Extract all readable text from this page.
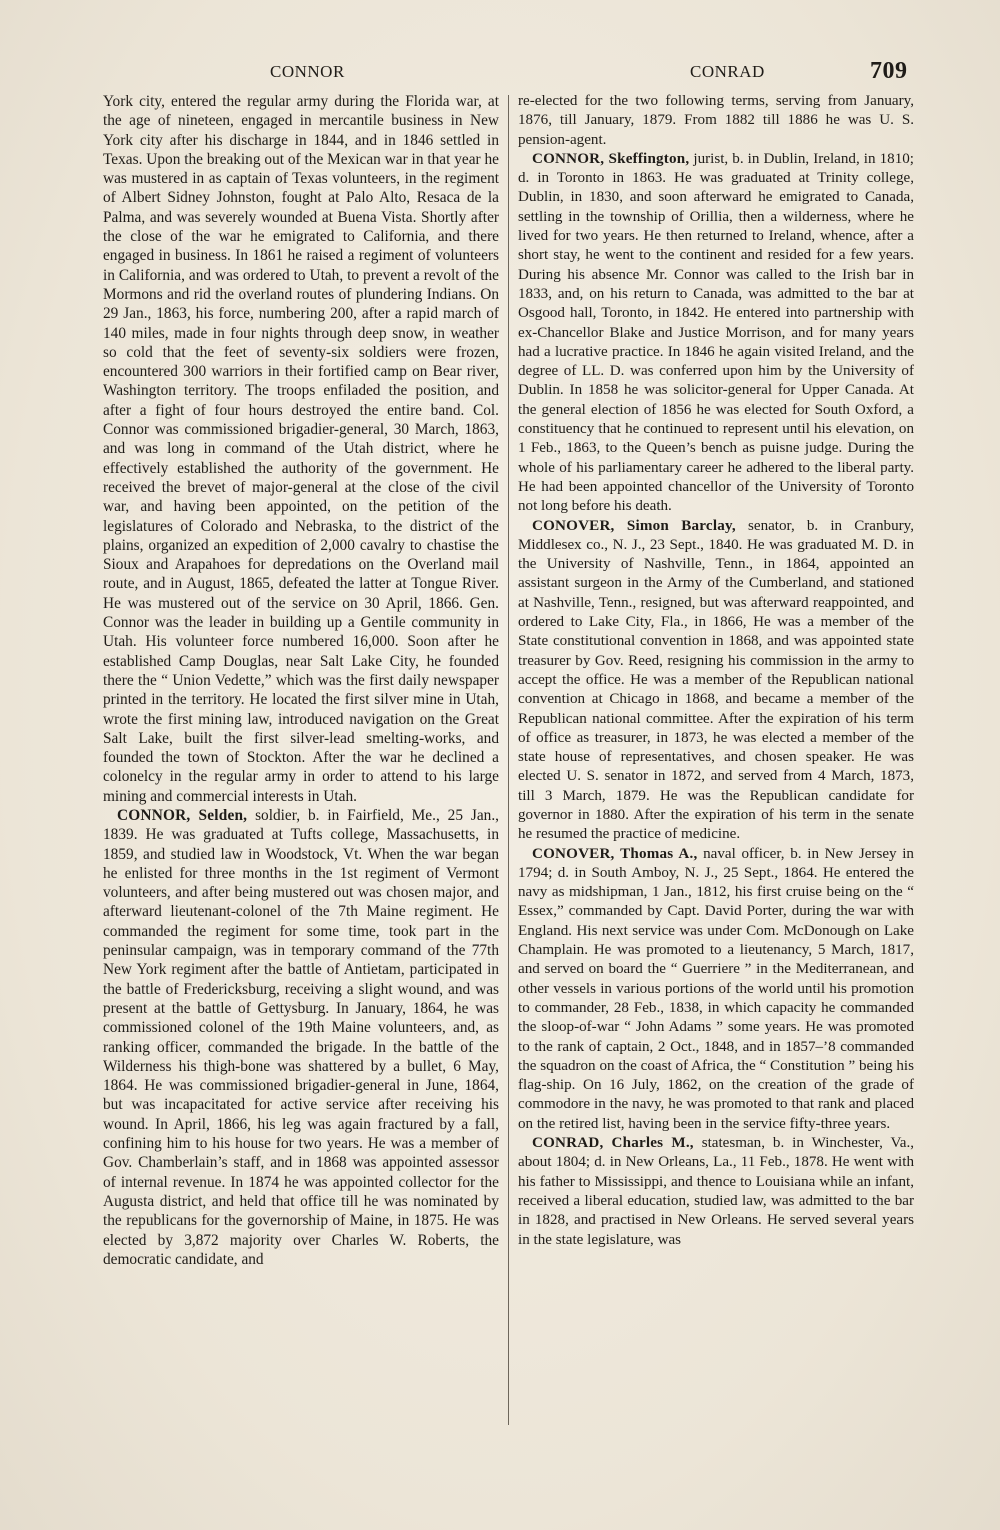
CONNOR	CONRAD	709

York city, entered the regular army during the Florida war, at the age of nineteen, engaged in mercantile business in New York city after his discharge in 1844, and in 1846 settled in Texas. Upon the breaking out of the Mexican war in that year he was mustered in as captain of Texas volunteers, in the regiment of Albert Sidney Johnston, fought at Palo Alto, Resaca de la Palma, and was severely wounded at Buena Vista. Shortly after the close of the war he emigrated to California, and there engaged in business. In 1861 he raised a regiment of volunteers in California, and was ordered to Utah, to prevent a revolt of the Mormons and rid the overland routes of plundering Indians. On 29 Jan., 1863, his force, numbering 200, after a rapid march of 140 miles, made in four nights through deep snow, in weather so cold that the feet of seventy-six soldiers were frozen, encountered 300 warriors in their fortified camp on Bear river, Washington territory. The troops enfiladed the position, and after a fight of four hours destroyed the entire band. Col. Connor was commissioned brigadier-general, 30 March, 1863, and was long in command of the Utah district, where he effectively established the authority of the government. He received the brevet of major-general at the close of the civil war, and having been appointed, on the petition of the legislatures of Colorado and Nebraska, to the district of the plains, organized an expedition of 2,000 cavalry to chastise the Sioux and Arapahoes for depredations on the Overland mail route, and in August, 1865, defeated the latter at Tongue River. He was mustered out of the service on 30 April, 1866. Gen. Connor was the leader in building up a Gentile community in Utah. His volunteer force numbered 16,000. Soon after he established Camp Douglas, near Salt Lake City, he founded there the “ Union Vedette,” which was the first daily newspaper printed in the territory. He located the first silver mine in Utah, wrote the first mining law, introduced navigation on the Great Salt Lake, built the first silver-lead smelting-works, and founded the town of Stockton. After the war he declined a colonelcy in the regular army in order to attend to his large mining and commercial interests in Utah.

CONNOR, Selden, soldier, b. in Fairfield, Me., 25 Jan., 1839. He was graduated at Tufts college, Massachusetts, in 1859, and studied law in Woodstock, Vt. When the war began he enlisted for three months in the 1st regiment of Vermont volunteers, and after being mustered out was chosen major, and afterward lieutenant-colonel of the 7th Maine regiment. He commanded the regiment for some time, took part in the peninsular campaign, was in temporary command of the 77th New York regiment after the battle of Antietam, participated in the battle of Fredericksburg, receiving a slight wound, and was present at the battle of Gettysburg. In January, 1864, he was commissioned colonel of the 19th Maine volunteers, and, as ranking officer, commanded the brigade. In the battle of the Wilderness his thigh-bone was shattered by a bullet, 6 May, 1864. He was commissioned brigadier-general in June, 1864, but was incapacitated for active service after receiving his wound. In April, 1866, his leg was again fractured by a fall, confining him to his house for two years. He was a member of Gov. Chamberlain’s staff, and in 1868 was appointed assessor of internal revenue. In 1874 he was appointed collector for the Augusta district, and held that office till he was nominated by the republicans for the governorship of Maine, in 1875. He was elected by 3,872 majority over Charles W. Roberts, the democratic candidate, and

re-elected for the two following terms, serving from January, 1876, till January, 1879. From 1882 till 1886 he was U. S. pension-agent.

CONNOR, Skeffington, jurist, b. in Dublin, Ireland, in 1810; d. in Toronto in 1863. He was graduated at Trinity college, Dublin, in 1830, and soon afterward he emigrated to Canada, settling in the township of Orillia, then a wilderness, where he lived for two years. He then returned to Ireland, whence, after a short stay, he went to the continent and resided for a few years. During his absence Mr. Connor was called to the Irish bar in 1833, and, on his return to Canada, was admitted to the bar at Osgood hall, Toronto, in 1842. He entered into partnership with ex-Chancellor Blake and Justice Morrison, and for many years had a lucrative practice. In 1846 he again visited Ireland, and the degree of LL. D. was conferred upon him by the University of Dublin. In 1858 he was solicitor-general for Upper Canada. At the general election of 1856 he was elected for South Oxford, a constituency that he continued to represent until his elevation, on 1 Feb., 1863, to the Queen’s bench as puisne judge. During the whole of his parliamentary career he adhered to the liberal party. He had been appointed chancellor of the University of Toronto not long before his death.

CONOVER, Simon Barclay, senator, b. in Cranbury, Middlesex co., N. J., 23 Sept., 1840. He was graduated M. D. in the University of Nashville, Tenn., in 1864, appointed an assistant surgeon in the Army of the Cumberland, and stationed at Nashville, Tenn., resigned, but was afterward reappointed, and ordered to Lake City, Fla., in 1866, He was a member of the State constitutional convention in 1868, and was appointed state treasurer by Gov. Reed, resigning his commission in the army to accept the office. He was a member of the Republican national convention at Chicago in 1868, and became a member of the Republican national committee. After the expiration of his term of office as treasurer, in 1873, he was elected a member of the state house of representatives, and chosen speaker. He was elected U. S. senator in 1872, and served from 4 March, 1873, till 3 March, 1879. He was the Republican candidate for governor in 1880. After the expiration of his term in the senate he resumed the practice of medicine.

CONOVER, Thomas A., naval officer, b. in New Jersey in 1794; d. in South Amboy, N. J., 25 Sept., 1864. He entered the navy as midshipman, 1 Jan., 1812, his first cruise being on the “ Essex,” commanded by Capt. David Porter, during the war with England. His next service was under Com. McDonough on Lake Champlain. He was promoted to a lieutenancy, 5 March, 1817, and served on board the “ Guerriere ” in the Mediterranean, and other vessels in various portions of the world until his promotion to commander, 28 Feb., 1838, in which capacity he commanded the sloop-of-war “ John Adams ” some years. He was promoted to the rank of captain, 2 Oct., 1848, and in 1857–’8 commanded the squadron on the coast of Africa, the “ Constitution ” being his flag-ship. On 16 July, 1862, on the creation of the grade of commodore in the navy, he was promoted to that rank and placed on the retired list, having been in the service fifty-three years.

CONRAD, Charles M., statesman, b. in Winchester, Va., about 1804; d. in New Orleans, La., 11 Feb., 1878. He went with his father to Mississippi, and thence to Louisiana while an infant, received a liberal education, studied law, was admitted to the bar in 1828, and practised in New Orleans. He served several years in the state legislature, was
